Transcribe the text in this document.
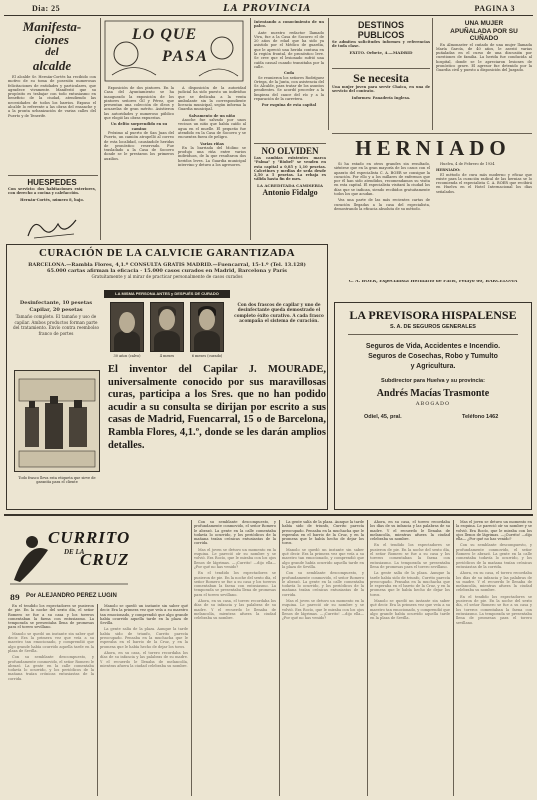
Dia: 25	LA PROVINCIA	PAGINA 3
Manifesta-
ciones
del
alcalde

El alcalde Sr. Hernán-Cortés ha recibido con motivo de su toma de posesión numerosas felicitaciones de entidades y particulares, que agradece vivamente. Manifestó que su propósito es trabajar con todo entusiasmo en beneficio de la ciudad, atendiendo las necesidades de todos los barrios. Expuso el alcalde lo referente a las obras del ensanche y a la pronta urbanización de varias calles del Puerto y de Tenerife.

HUESPEDES

Con servicio: dos habitaciones exteriores, con derecho a cocina y calefacción.

Hernán-Cortés, número 8, bajo.

LO QUE
PASA

Exposición de dos pintores. En la Casa del Ayuntamiento se ha inaugurado la exposición de los pintores señores Gil y Pérez, que presentan una colección de óleos y acuarelas de gran mérito. Asistieron las autoridades y numeroso público que elogió las obras expuestas.

Un delito sorprendido en su camino

Próximo al puerto de San Juan del Puerto, un camión atropelló al correo de esta localidad, causándole heridas de pronóstico reservado. Fue trasladado a la Casa de Socorro donde se le prestaron los primeros auxilios.

A disposición de la autoridad judicial ha sido puesto un individuo que se dedicaba a la venta ambulante sin la correspondiente licencia municipal, según informa la Guardia municipal.

Salvamento de un niño

Anoche fue salvado por unos vecinos un niño que había caído al agua en el muelle. El pequeño fue atendido en la Casa de Socorro y se encuentra fuera de peligro.

Varias riñas

En la barriada del Molino se produjo una riña entre varios individuos, de la que resultaron dos heridos leves. La Guardia municipal intervino y detuvo a los agresores.

Intentando a conocimiento de un palco.

Ante nuestro redactor llamado Viva, fue a la Casa de Socorro el de 20 años de edad que ha sido ya asistido por el Médico de guardia, que le apreció una herida contusa en la región frontal, de pronóstico leve. Se cree que el lesionado sufrió una caída casual cuando transitaba por la calle.

Coda

Se reunieron los señores Rodríguez Ortega, de la Junta, con asistencia del Sr. Alcalde, para tratar de los asuntos pendientes. Se acordó proceder a la limpieza del cauce del río y a la reparación de la carretera.

Por esquina de esta capital
NO OLVIDEN

Las cambias existentes marca "Palma" y "Riobel" se venden en esta capital a 0,85 y 1,10 pesetas. Calcetines y medias de seda desde 2,50 a 5 pesetas. La rebaja es válida hasta fin de mes.

LA ACREDITADA CAMISERIA
Antonio Fidalgo
DESTINOS
PUBLICOS

Se admiten solicitudes informes y referencias de toda clase.

EXITO. Orbete, 4.—MADRID
Se necesita

Una mujer joven para servir Chaica, en una de servicio del contrato.

Informes: Panadería Inglesa.
UNA MUJER
APUÑALADA POR SU
CUÑADO

En Almonaster el cuñado de una mujer llamada María García, de 40 años, le asestó varias puñaladas en el curso de una discusión por cuestiones de familia. La herida fue conducida al hospital, donde se le apreciaron lesiones de pronóstico grave. El agresor fue detenido por la Guardia civil y puesto a disposición del Juzgado.

HERNIADO

Si ha estado en otros grandes sin resultado, siéntese que en la gran mayoría de los casos con el aparato del especialista C. A. BOER se consigue la curación. Por ello y a los millares de enfermos que por él han sido atendidos, recomendamos su visita en esta capital. El especialista visitará la ciudad los días que se indican, siendo recibidos gratuitamente todos los que acudan.

Vea una parte de las más recientes cartas de curación llegadas a la casa del especialista, demostrando la eficacia absoluta de su método.

Huelva, 4 de Febrero de 1934

HERNIADO:

El método de cura más moderno y eficaz que existe para la curación radical de las hernias se lo recomienda el especialista C. A. BOER que recibirá en Huelva en el Hotel Internacional los días señalados.

C. A. BOER, Especialista Herniario de Paris, Pelayo 60, BARCELONA
CURACIÓN DE LA CALVICIE GARANTIZADA
BARCELONA.—Rambla Flores, 4,1.º CONSULTA GRATIS MADRID.—Fuencarral, 15-1.º (Tel. 13.128)
65.000 cartas afirman la eficacia · 15.000 casos curados en Madrid, Barcelona y París
Gratuitamente y al mirar de practicar personalmente de casos curados
LA MISMA PERSONA ANTES y DESPUÉS DE CURADO
Desinfectante, 10 pesetas
Capilar, 20 pesetas
Tamaño completo. El tamaño y uso de capilar. Ambos productos forman parte del tratamiento. Envío contra reembolso franco de portes
30 años (calvo)	4 meses	6 meses (curado)
Con dos frascos de capilar y uno de desinfectante queda demostrado el completo éxito curativo. A cada frasco acompaña el sistema de curación.
Todo frasco lleva esta etiqueta que sirve de garantía para el cliente
El inventor del Capilar J. MOURADE, universalmente conocido por sus maravillosas curas, participa a los Sres. que no han podido acudir a su consulta se dirijan por escrito a sus casas de Madrid, Fuencarral, 15 o de Barcelona, Rambla Flores, 4,1.º, donde se les darán amplios detalles.
LA PREVISORA HISPALENSE
S. A. DE SEGUROS GENERALES
Seguros de Vida, Accidentes e Incendio.
Seguros de Cosechas, Robo y Tumulto
y Agricultura.
Subdirector para Huelva y su provincia:
Andrés Macías Trasmonte
ABOGADO
Odiel, 45, pral.	Teléfono 1462
CURRITO
DE LA
CRUZ
89 Por ALEJANDRO PEREZ LUGIN

En el tendido los espectadores se pusieron de pie. En la noche del sexto día, el señor Romero se fue a su casa y los toreros comentaban la faena con entusiasmo. La temporada se presentaba llena de promesas para el torero sevillano.

Manolo se quedó un instante sin saber qué decir. Era la primera vez que veía a su maestro tan emocionado, y comprendió que algo grande había ocurrido aquella tarde en la plaza de Sevilla.

Con su semblante descompuesto, y profundamente conmovido, el señor Romero le abrazó. La gente en la calle comentaba todavía lo ocurrido, y los periódicos de la mañana traían crónicas entusiastas de la corrida.

Manolo se quedó un instante sin saber qué decir. Era la primera vez que veía a su maestro tan emocionado, y comprendió que algo grande había ocurrido aquella tarde en la plaza de Sevilla.

La gente salía de la plaza. Aunque la tarde había sido de triunfo, Currito parecía preocupado. Pensaba en la muchacha que le esperaba en el barrio de la Cruz, y en la promesa que le había hecho de dejar los toros.

Ahora, en su casa, el torero recordaba los días de su infancia y las palabras de su madre. Y el recuerdo le llenaba de melancolía, mientras afuera la ciudad celebraba su nombre.

Con su semblante descompuesto, y profundamente conmovido, el señor Romero le abrazó. La gente en la calle comentaba todavía lo ocurrido, y los periódicos de la mañana traían crónicas entusiastas de la corrida.

Mas el joven se detuvo un momento en la esquina. Le pareció oír su nombre y se volvió. Era Rocío, que le miraba con los ojos llenos de lágrimas. —¡Currito! —dijo ella— ¿Por qué no has venido?

En el tendido los espectadores se pusieron de pie. En la noche del sexto día, el señor Romero se fue a su casa y los toreros comentaban la faena con entusiasmo. La temporada se presentaba llena de promesas para el torero sevillano.

Ahora, en su casa, el torero recordaba los días de su infancia y las palabras de su madre. Y el recuerdo le llenaba de melancolía, mientras afuera la ciudad celebraba su nombre.

La gente salía de la plaza. Aunque la tarde había sido de triunfo, Currito parecía preocupado. Pensaba en la muchacha que le esperaba en el barrio de la Cruz, y en la promesa que le había hecho de dejar los toros.

Manolo se quedó un instante sin saber qué decir. Era la primera vez que veía a su maestro tan emocionado, y comprendió que algo grande había ocurrido aquella tarde en la plaza de Sevilla.

Con su semblante descompuesto, y profundamente conmovido, el señor Romero le abrazó. La gente en la calle comentaba todavía lo ocurrido, y los periódicos de la mañana traían crónicas entusiastas de la corrida.

Mas el joven se detuvo un momento en la esquina. Le pareció oír su nombre y se volvió. Era Rocío, que le miraba con los ojos llenos de lágrimas. —¡Currito! —dijo ella— ¿Por qué no has venido?

Ahora, en su casa, el torero recordaba los días de su infancia y las palabras de su madre. Y el recuerdo le llenaba de melancolía, mientras afuera la ciudad celebraba su nombre.

En el tendido los espectadores se pusieron de pie. En la noche del sexto día, el señor Romero se fue a su casa y los toreros comentaban la faena con entusiasmo. La temporada se presentaba llena de promesas para el torero sevillano.

La gente salía de la plaza. Aunque la tarde había sido de triunfo, Currito parecía preocupado. Pensaba en la muchacha que le esperaba en el barrio de la Cruz, y en la promesa que le había hecho de dejar los toros.

Manolo se quedó un instante sin saber qué decir. Era la primera vez que veía a su maestro tan emocionado, y comprendió que algo grande había ocurrido aquella tarde en la plaza de Sevilla.

Mas el joven se detuvo un momento en la esquina. Le pareció oír su nombre y se volvió. Era Rocío, que le miraba con los ojos llenos de lágrimas. —¡Currito! —dijo ella— ¿Por qué no has venido?

Con su semblante descompuesto, y profundamente conmovido, el señor Romero le abrazó. La gente en la calle comentaba todavía lo ocurrido, y los periódicos de la mañana traían crónicas entusiastas de la corrida.

Ahora, en su casa, el torero recordaba los días de su infancia y las palabras de su madre. Y el recuerdo le llenaba de melancolía, mientras afuera la ciudad celebraba su nombre.

En el tendido los espectadores se pusieron de pie. En la noche del sexto día, el señor Romero se fue a su casa y los toreros comentaban la faena con entusiasmo. La temporada se presentaba llena de promesas para el torero sevillano.
